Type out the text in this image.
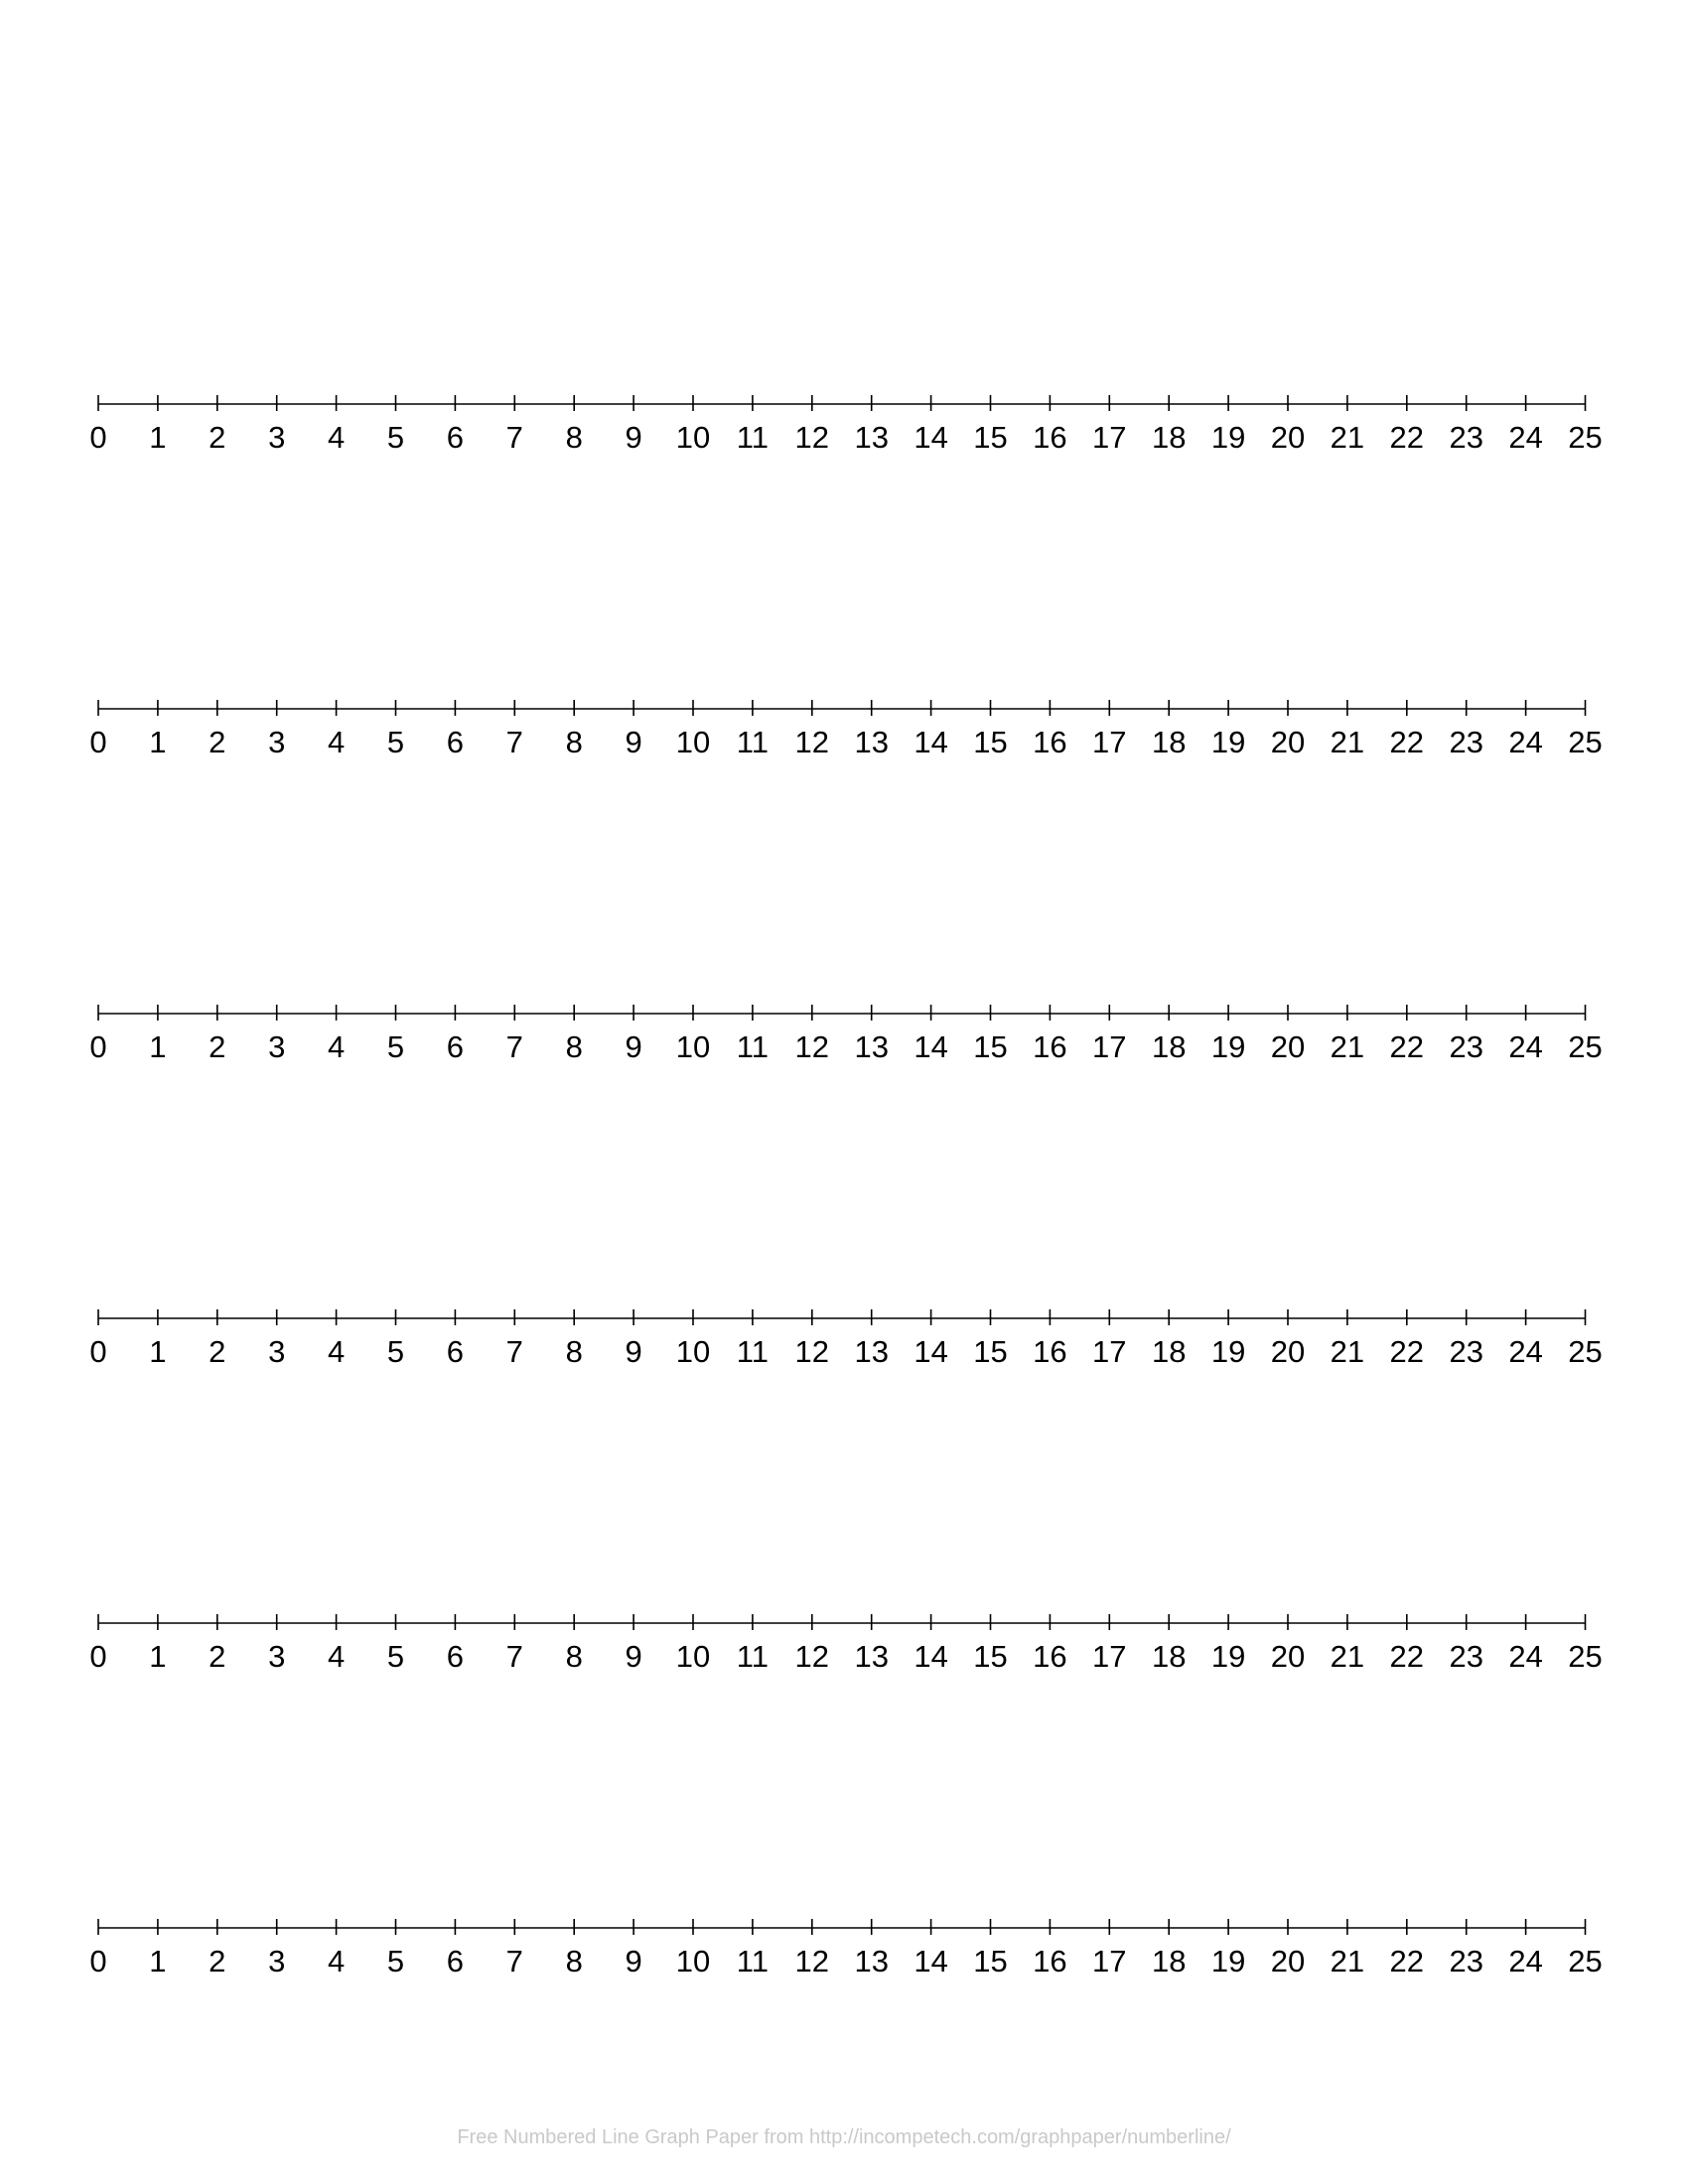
0 1 2 3 4 5 6 7 8 9 10 11 12 13 14 15 16 17 18 19 20 21 22 23 24 25
0 1 2 3 4 5 6 7 8 9 10 11 12 13 14 15 16 17 18 19 20 21 22 23 24 25
0 1 2 3 4 5 6 7 8 9 10 11 12 13 14 15 16 17 18 19 20 21 22 23 24 25
0 1 2 3 4 5 6 7 8 9 10 11 12 13 14 15 16 17 18 19 20 21 22 23 24 25
0 1 2 3 4 5 6 7 8 9 10 11 12 13 14 15 16 17 18 19 20 21 22 23 24 25
0 1 2 3 4 5 6 7 8 9 10 11 12 13 14 15 16 17 18 19 20 21 22 23 24 25
Free Numbered Line Graph Paper from http://incompetech.com/graphpaper/numberline/
